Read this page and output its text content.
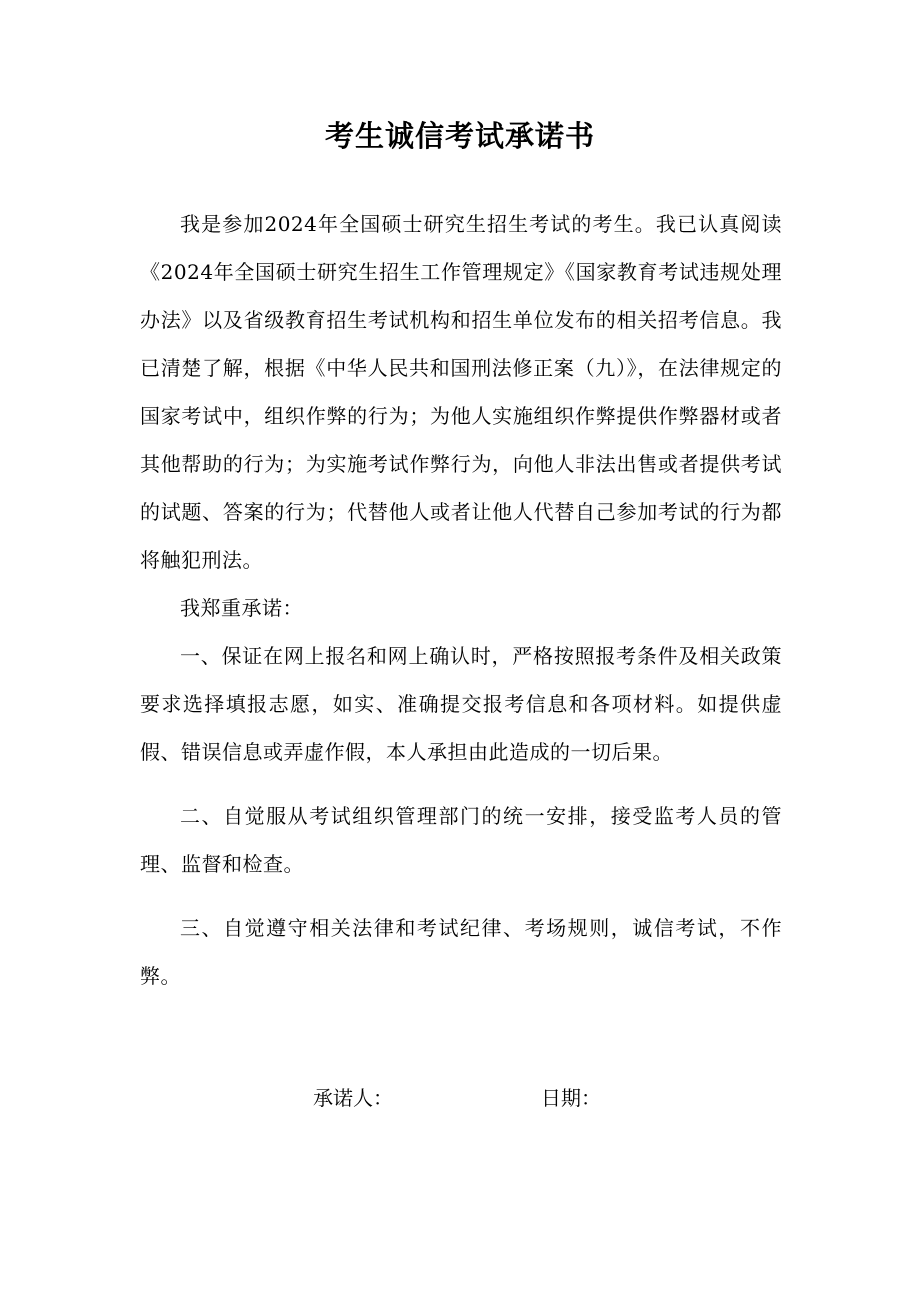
考生诚信考试承诺书

我是参加2024年全国硕士研究生招生考试的考生。我已认真阅读《2024年全国硕士研究生招生工作管理规定》《国家教育考试违规处理办法》以及省级教育招生考试机构和招生单位发布的相关招考信息。我已清楚了解，根据《中华人民共和国刑法修正案（九）》，在法律规定的国家考试中，组织作弊的行为；为他人实施组织作弊提供作弊器材或者其他帮助的行为；为实施考试作弊行为，向他人非法出售或者提供考试的试题、答案的行为；代替他人或者让他人代替自己参加考试的行为都将触犯刑法。

我郑重承诺：

一、保证在网上报名和网上确认时，严格按照报考条件及相关政策要求选择填报志愿，如实、准确提交报考信息和各项材料。如提供虚假、错误信息或弄虚作假，本人承担由此造成的一切后果。

二、自觉服从考试组织管理部门的统一安排，接受监考人员的管理、监督和检查。

三、自觉遵守相关法律和考试纪律、考场规则，诚信考试，不作弊。

承诺人：	日期：
